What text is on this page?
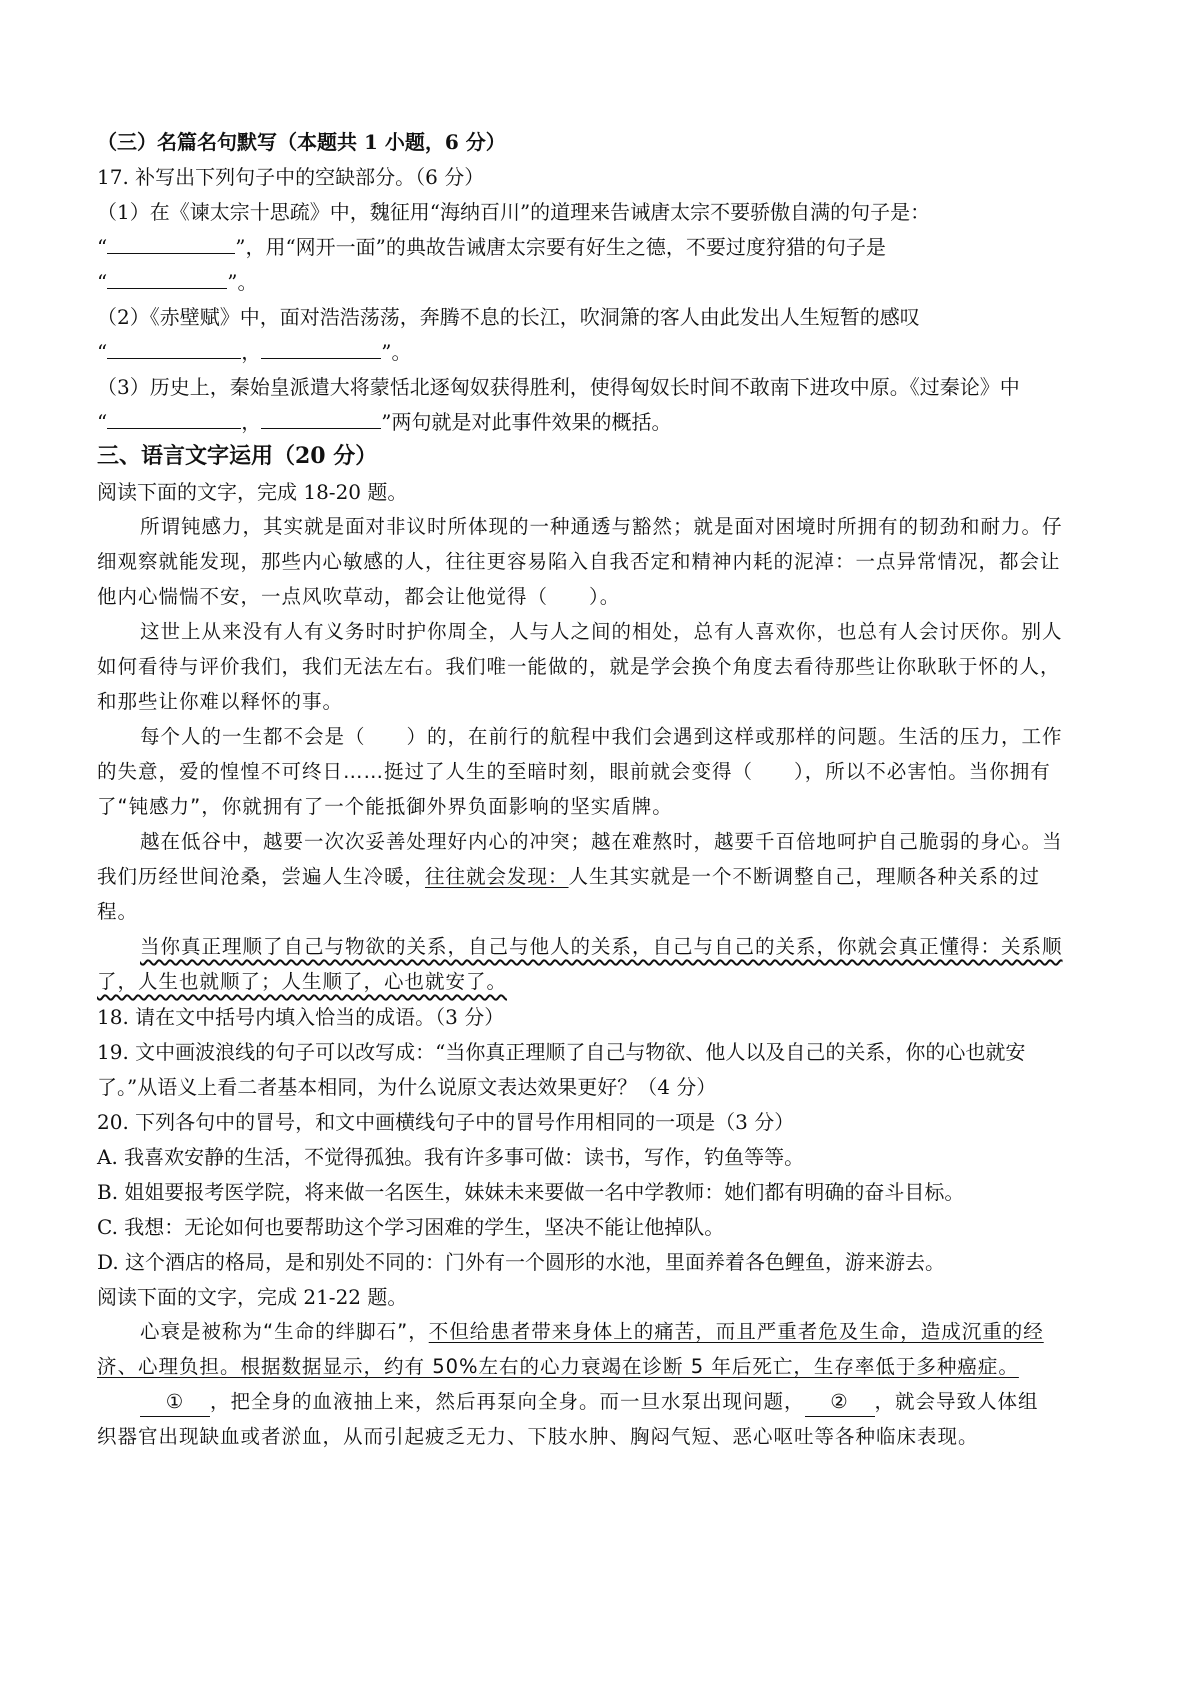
（三）名篇名句默写（本题共 1 小题，6 分）
17. 补写出下列句子中的空缺部分。（6 分）
（1）在《谏太宗十思疏》中，魏征用“海纳百川”的道理来告诫唐太宗不要骄傲自满的句子是：
“	”，用“网开一面”的典故告诫唐太宗要有好生之德，不要过度狩猎的句子是
“	”。
（2）《赤壁赋》中，面对浩浩荡荡，奔腾不息的长江，吹洞箫的客人由此发出人生短暂的感叹
“	，	”。
（3）历史上，秦始皇派遣大将蒙恬北逐匈奴获得胜利，使得匈奴长时间不敢南下进攻中原。《过秦论》中
“	，	”两句就是对此事件效果的概括。
三、语言文字运用（20 分）
阅读下面的文字，完成 18-20 题。
所谓钝感力，其实就是面对非议时所体现的一种通透与豁然；就是面对困境时所拥有的韧劲和耐力。仔
细观察就能发现，那些内心敏感的人，往往更容易陷入自我否定和精神内耗的泥淖：一点异常情况，都会让
他内心惴惴不安，一点风吹草动，都会让他觉得（　　）。
这世上从来没有人有义务时时护你周全，人与人之间的相处，总有人喜欢你，也总有人会讨厌你。别人
如何看待与评价我们，我们无法左右。我们唯一能做的，就是学会换个角度去看待那些让你耿耿于怀的人，
和那些让你难以释怀的事。
每个人的一生都不会是（　　）的，在前行的航程中我们会遇到这样或那样的问题。生活的压力，工作
的失意，爱的惶惶不可终日……挺过了人生的至暗时刻，眼前就会变得（　　），所以不必害怕。当你拥有
了“钝感力”，你就拥有了一个能抵御外界负面影响的坚实盾牌。
越在低谷中，越要一次次妥善处理好内心的冲突；越在难熬时，越要千百倍地呵护自己脆弱的身心。当
我们历经世间沧桑，尝遍人生冷暖，往往就会发现：人生其实就是一个不断调整自己，理顺各种关系的过
程。
当你真正理顺了自己与物欲的关系，自己与他人的关系，自己与自己的关系，你就会真正懂得：关系顺
了，人生也就顺了；人生顺了，心也就安了。
18. 请在文中括号内填入恰当的成语。（3 分）
19. 文中画波浪线的句子可以改写成：“当你真正理顺了自己与物欲、他人以及自己的关系，你的心也就安
了。”从语义上看二者基本相同，为什么说原文表达效果更好？（4 分）
20. 下列各句中的冒号，和文中画横线句子中的冒号作用相同的一项是（3 分）
A. 我喜欢安静的生活，不觉得孤独。我有许多事可做：读书，写作，钓鱼等等。
B. 姐姐要报考医学院，将来做一名医生，妹妹未来要做一名中学教师：她们都有明确的奋斗目标。
C. 我想：无论如何也要帮助这个学习困难的学生，坚决不能让他掉队。
D. 这个酒店的格局，是和别处不同的：门外有一个圆形的水池，里面养着各色鲤鱼，游来游去。
阅读下面的文字，完成 21-22 题。
心衰是被称为“生命的绊脚石”，不但给患者带来身体上的痛苦，而且严重者危及生命，造成沉重的经
济、心理负担。根据数据显示，约有 50%左右的心力衰竭在诊断 5 年后死亡，生存率低于多种癌症。
① ，把全身的血液抽上来，然后再泵向全身。而一旦水泵出现问题， ② ，就会导致人体组
织器官出现缺血或者淤血，从而引起疲乏无力、下肢水肿、胸闷气短、恶心呕吐等各种临床表现。
